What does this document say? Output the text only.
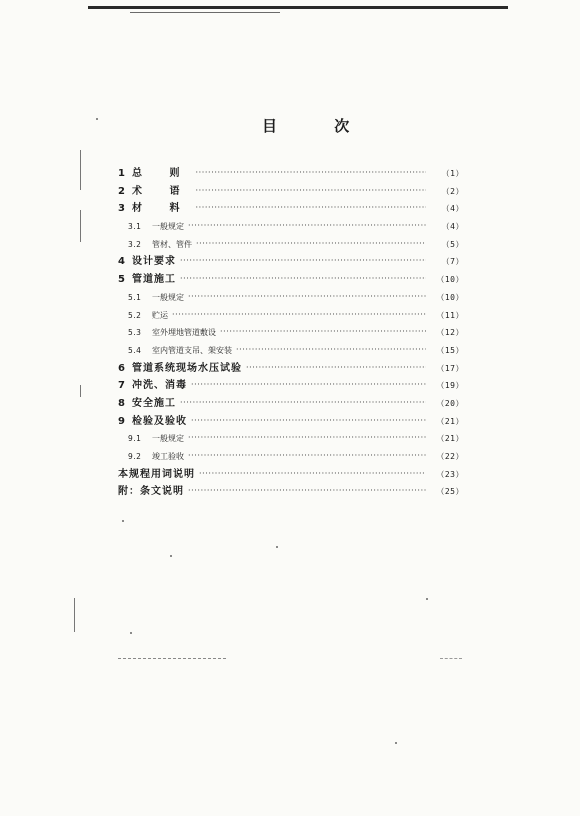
目 次
1 总 则 ·····	（1）
2 术 语 ·····	（2）
3 材 料 ·····	（4）
3.1	一般规定 ·····	（4）
3.2	管材、管件 ·····	（5）
4 设计要求 ·····	（7）
5 管道施工 ·····	（10）
5.1	一般规定 ·····	（10）
5.2	贮运 ·····	（11）
5.3	室外埋地管道敷设 ·····	（12）
5.4	室内管道支吊、架安装 ·····	（15）
6 管道系统现场水压试验 ·····	（17）
7 冲洗、消毒 ·····	（19）
8 安全施工 ·····	（20）
9 检验及验收 ·····	（21）
9.1	一般规定 ·····	（21）
9.2	竣工验收 ·····	（22）
本规程用词说明 ·····	（23）
附：条文说明 ·····	（25）
